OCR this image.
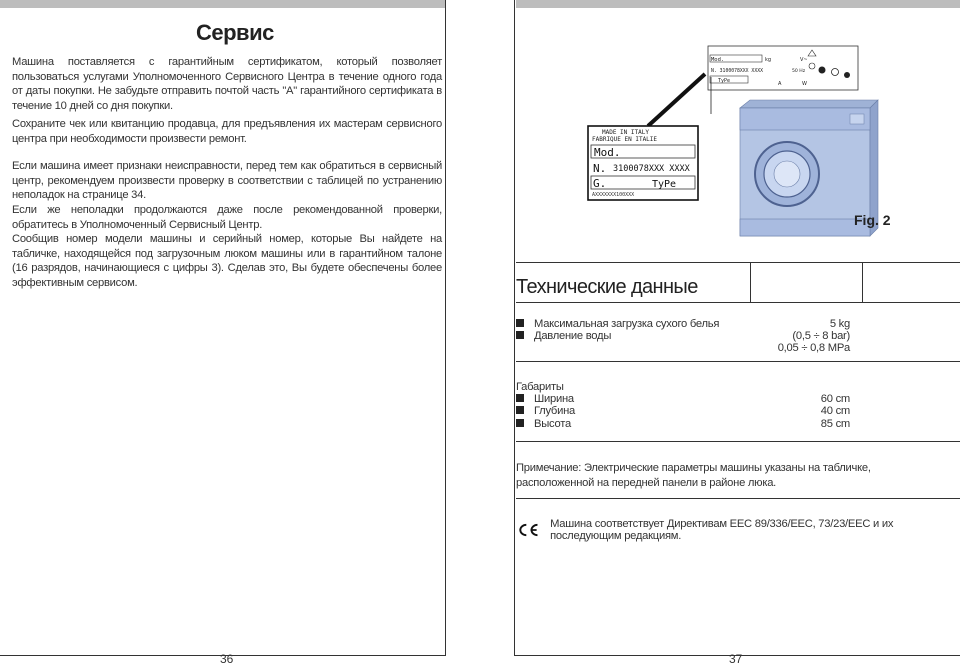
Сервис

Машина поставляется с гарантийным сертификатом, который позволяет пользоваться услугами Уполномоченного Сервисного Центра в течение одного года от даты покупки. Не забудьте отправить почтой часть "A" гарантийного сертификата в течение 10 дней со дня покупки.

Сохраните чек или квитанцию продавца, для предъявления их мастерам сервисного центра при необходимости произвести ремонт.

Если машина имеет признаки неисправности, перед тем как обратиться в сервисный центр, рекомендуем произвести проверку в соответствии с таблицей по устранению неполадок на странице 34.

Если же неполадки продолжаются даже после рекомендованной проверки, обратитесь в Уполномоченный Сервисный Центр.

Сообщив номер модели машины и серийный номер, которые Вы найдете на табличке, находящейся под загрузочным люком машины или в гарантийном талоне (16 разрядов, начинающиеся с цифры 3). Сделав это, Вы будете обеспечены более эффективным сервисом.

36
Mod.
N. 3100078XXX XXXX
TyPe
kg	V~
50 Hz
A	W
MADE IN ITALY
FABRIQUE EN ITALIE
Mod.
N. 3100078XXX XXXX
G.	TyPe
AXXXXXXX100XXX
Fig. 2
Технические данные
Максимальная загрузка сухого белья	5 kg
Давление воды	(0,5 ÷ 8 bar)
0,05 ÷ 0,8 MPa
Габариты
Ширина	60 cm
Глубина	40 cm
Высота	85 cm

Примечание: Электрические параметры машины указаны на табличке, расположенной на передней панели в районе люка.

Машина соответствует Директивам ЕЕС 89/336/ЕЕС, 73/23/ЕЕС и их последующим редакциям.
37
